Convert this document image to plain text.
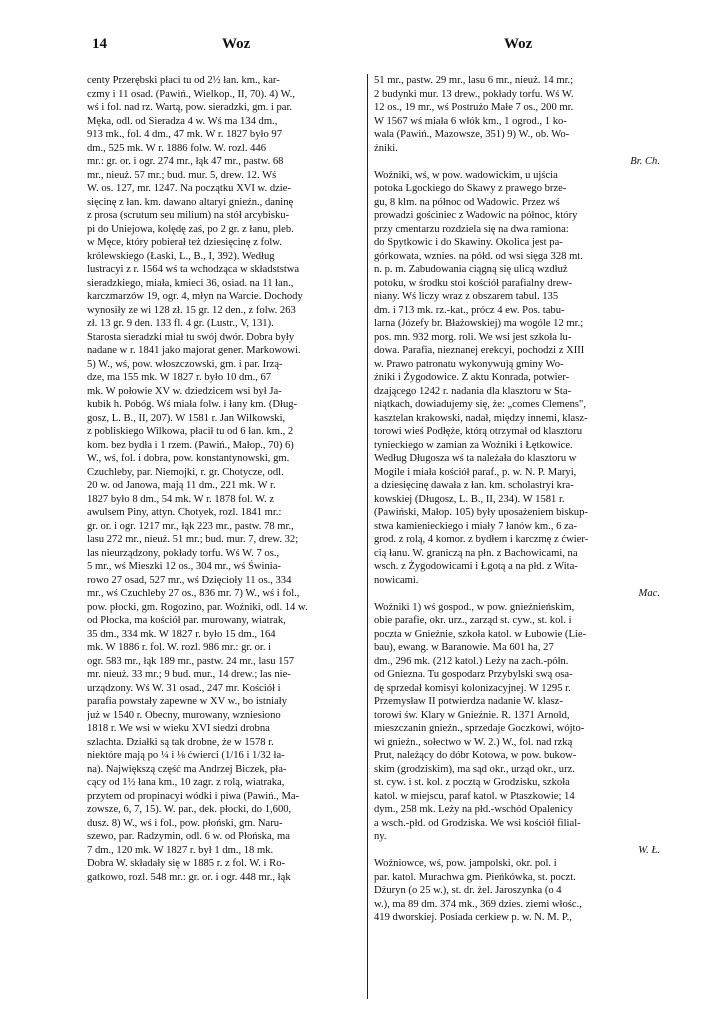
14	Woz	Woz
centy Przerębski płaci tu od 2½ łan. km., kar-
czmy i 11 osad. (Pawiń., Wielkop., II, 70). 4) W.,
wś i fol. nad rz. Wartą, pow. sieradzki, gm. i par.
Męka, odl. od Sieradza 4 w. Wś ma 134 dm.,
913 mk., fol. 4 dm., 47 mk. W r. 1827 było 97
dm., 525 mk. W r. 1886 folw. W. rozl. 446
mr.: gr. or. i ogr. 274 mr., łąk 47 mr., pastw. 68
mr., nieuż. 57 mr.; bud. mur. 5, drew. 12. Wś
W. os. 127, mr. 1247. Na początku XVI w. dzie-
sięcinę z łan. km. dawano altaryi gnieźn., daninę
z prosa (scrutum seu milium) na stół arcybisku-
pi do Uniejowa, kolędę zaś, po 2 gr. z łanu, pleb.
w Męce, który pobierał też dziesięcinę z folw.
królewskiego (Łaski, L., B., I, 392). Według
lustracyi z r. 1564 wś ta wchodząca w składststwa
sieradzkiego, miała, kmieci 36, osiad. na 11 łan.,
karczmarzów 19, ogr. 4, młyn na Warcie. Dochody
wynosiły ze wi 128 zł. 15 gr. 12 den., z folw. 263
zł. 13 gr. 9 den. 133 fl. 4 gr. (Lustr., V, 131).
Starosta sieradzki miał tu swój dwór. Dobra były
nadane w r. 1841 jako majorat gener. Markowowi.
5) W., wś, pow. włoszczowski, gm. i par. Irzą-
dze, ma 155 mk. W 1827 r. było 10 dm., 67
mk. W połowie XV w. dziedzicem wsi był Ja-
kubik h. Pobóg. Wś miała folw. i łany km. (Dług-
gosz, L. B., II, 207). W 1581 r. Jan Wilkowski,
z pobliskiego Wilkowa, płacił tu od 6 łan. km., 2
kom. bez bydła i 1 rzem. (Pawiń., Małop., 70) 6)
W., wś, fol. i dobra, pow. konstantynowski, gm.
Czuchleby, par. Niemojki, r. gr. Chotycze, odl.
20 w. od Janowa, mają 11 dm., 221 mk. W r.
1827 było 8 dm., 54 mk. W r. 1878 fol. W. z
awulsem Piny, attyn. Chotyek, rozl. 1841 mr.:
gr. or. i ogr. 1217 mr., łąk 223 mr., pastw. 78 mr.,
lasu 272 mr., nieuż. 51 mr.; bud. mur. 7, drew. 32;
las nieurządzony, pokłady torfu. Wś W. 7 os.,
5 mr., wś Mieszki 12 os., 304 mr., wś Świnia-
rowo 27 osad, 527 mr., wś Dzięcioły 11 os., 334
mr., wś Czuchleby 27 os., 836 mr. 7) W., wś i fol.,
pow. płocki, gm. Rogozino, par. Woźniki, odl. 14 w.
od Płocka, ma kościół par. murowany, wiatrak,
35 dm., 334 mk. W 1827 r. było 15 dm., 164
mk. W 1886 r. fol. W. rozl. 986 mr.: gr. or. i
ogr. 583 mr., łąk 189 mr., pastw. 24 mr., lasu 157
mr. nieuż. 33 mr.; 9 bud. mur., 14 drew.; las nie-
urządzony. Wś W. 31 osad., 247 mr. Kościół i
parafia powstały zapewne w XV w., bo istniały
już w 1540 r. Obecny, murowany, wzniesiono
1818 r. We wsi w wieku XVI siedzi drobna
szlachta. Działki są tak drobne, że w 1578 r.
niektóre mają po ¼ i ⅛ ćwierci (1/16 i 1/32 ła-
na). Największą część ma Andrzej Biczek, pła-
cący od 1½ łana km., 10 zagr. z rolą, wiatraka,
przytem od propinacyi wódki i piwa (Pawiń., Ma-
zowsze, 6, 7, 15). W. par., dek. płocki, do 1,600,
dusz. 8) W., wś i fol., pow. płoński, gm. Naru-
szewo, par. Radzymin, odl. 6 w. od Płońska, ma
7 dm., 120 mk. W 1827 r. był 1 dm., 18 mk.
Dobra W. składały się w 1885 r. z fol. W. i Ro-
gatkowo, rozl. 548 mr.: gr. or. i ogr. 448 mr., łąk
51 mr., pastw. 29 mr., lasu 6 mr., nieuż. 14 mr.;
2 budynki mur. 13 drew., pokłady torfu. Wś W.
12 os., 19 mr., wś Postrużo Małe 7 os., 200 mr.
W 1567 wś miała 6 włók km., 1 ogrod., 1 ko-
wala (Pawiń., Mazowsze, 351) 9) W., ob. Wo-
źniki.
Br. Ch.
Woźniki, wś, w pow. wadowickim, u ujścia
potoka Lgockiego do Skawy z prawego brze-
gu, 8 klm. na północ od Wadowic. Przez wś
prowadzi gościniec z Wadowic na północ, który
przy cmentarzu rozdziela się na dwa ramiona:
do Spytkowic i do Skawiny. Okolica jest pa-
górkowata, wznies. na półd. od wsi sięga 328 mt.
n. p. m. Zabudowania ciągną się ulicą wzdłuż
potoku, w środku stoi kościół parafialny drew-
niany. Wś liczy wraz z obszarem tabul. 135
dm. i 713 mk. rz.-kat., prócz 4 ew. Pos. tabu-
larna (Józefy br. Błażowskiej) ma wogóle 12 mr.;
pos. mn. 932 morg. roli. We wsi jest szkoła lu-
dowa. Parafia, nieznanej erekcyi, pochodzi z XIII
w. Prawo patronatu wykonywują gminy Wo-
źniki i Żygodowice. Z aktu Konrada, potwier-
dzającego 1242 r. nadania dla klasztoru w Sta-
niątkach, dowiadujemy się, że: „comes Clemens",
kasztelan krakowski, nadał, między innemi, klasz-
torowi wieś Podłęże, którą otrzymał od klasztoru
tynieckiego w zamian za Woźniki i Łętkowice.
Według Długosza wś ta należała do klasztoru w
Mogile i miała kościół paraf., p. w. N. P. Maryi,
a dziesięcinę dawała z łan. km. scholastryi kra-
kowskiej (Długosz, L. B., II, 234). W 1581 r.
(Pawiński, Małop. 105) były uposażeniem biskup-
stwa kamienieckiego i miały 7 łanów km., 6 za-
grod. z rolą, 4 komor. z bydłem i karczmę z ćwier-
cią łanu. W. graniczą na płn. z Bachowicami, na
wsch. z Żygodowicami i Łgotą a na płd. z Wita-
nowicami.
Mac.
Woźniki 1) wś gospod., w pow. gnieźnieńskim,
obie parafie, okr. urz., zarząd st. cyw., st. kol. i
poczta w Gnieźnie, szkoła katol. w Łubowie (Lie-
bau), ewang. w Baranowie. Ma 601 ha, 27
dm., 296 mk. (212 katol.) Leży na zach.-półn.
od Gniezna. Tu gospodarz Przybylski swą osa-
dę sprzedał komisyi kolonizacyjnej. W 1295 r.
Przemysław II potwierdza nadanie W. klasz-
torowi św. Klary w Gnieźnie. R. 1371 Arnold,
mieszczanin gnieźn., sprzedaje Goczkowi, wójto-
wi gnieźn., sołectwo w W. 2.) W., fol. nad rzką
Prut, należący do dóbr Kotowa, w pow. bukow-
skim (grodziskim), ma sąd okr., urząd okr., urz.
st. cyw. i st. kol. z pocztą w Grodzisku, szkoła
katol. w miejscu, paraf katol. w Ptaszkowie; 14
dym., 258 mk. Leży na płd.-wschód Opalenicy
a wsch.-płd. od Grodziska. We wsi kościół filial-
ny.
W. Ł.
Woźniowce, wś, pow. jampolski, okr. pol. i
par. katol. Murachwa gm. Pieńkówka, st. poczt.
Dżuryn (o 25 w.), st. dr. żel. Jaroszynka (o 4
w.), ma 89 dm. 374 mk., 369 dzies. ziemi włośc.,
419 dworskiej. Posiada cerkiew p. w. N. M. P.,
